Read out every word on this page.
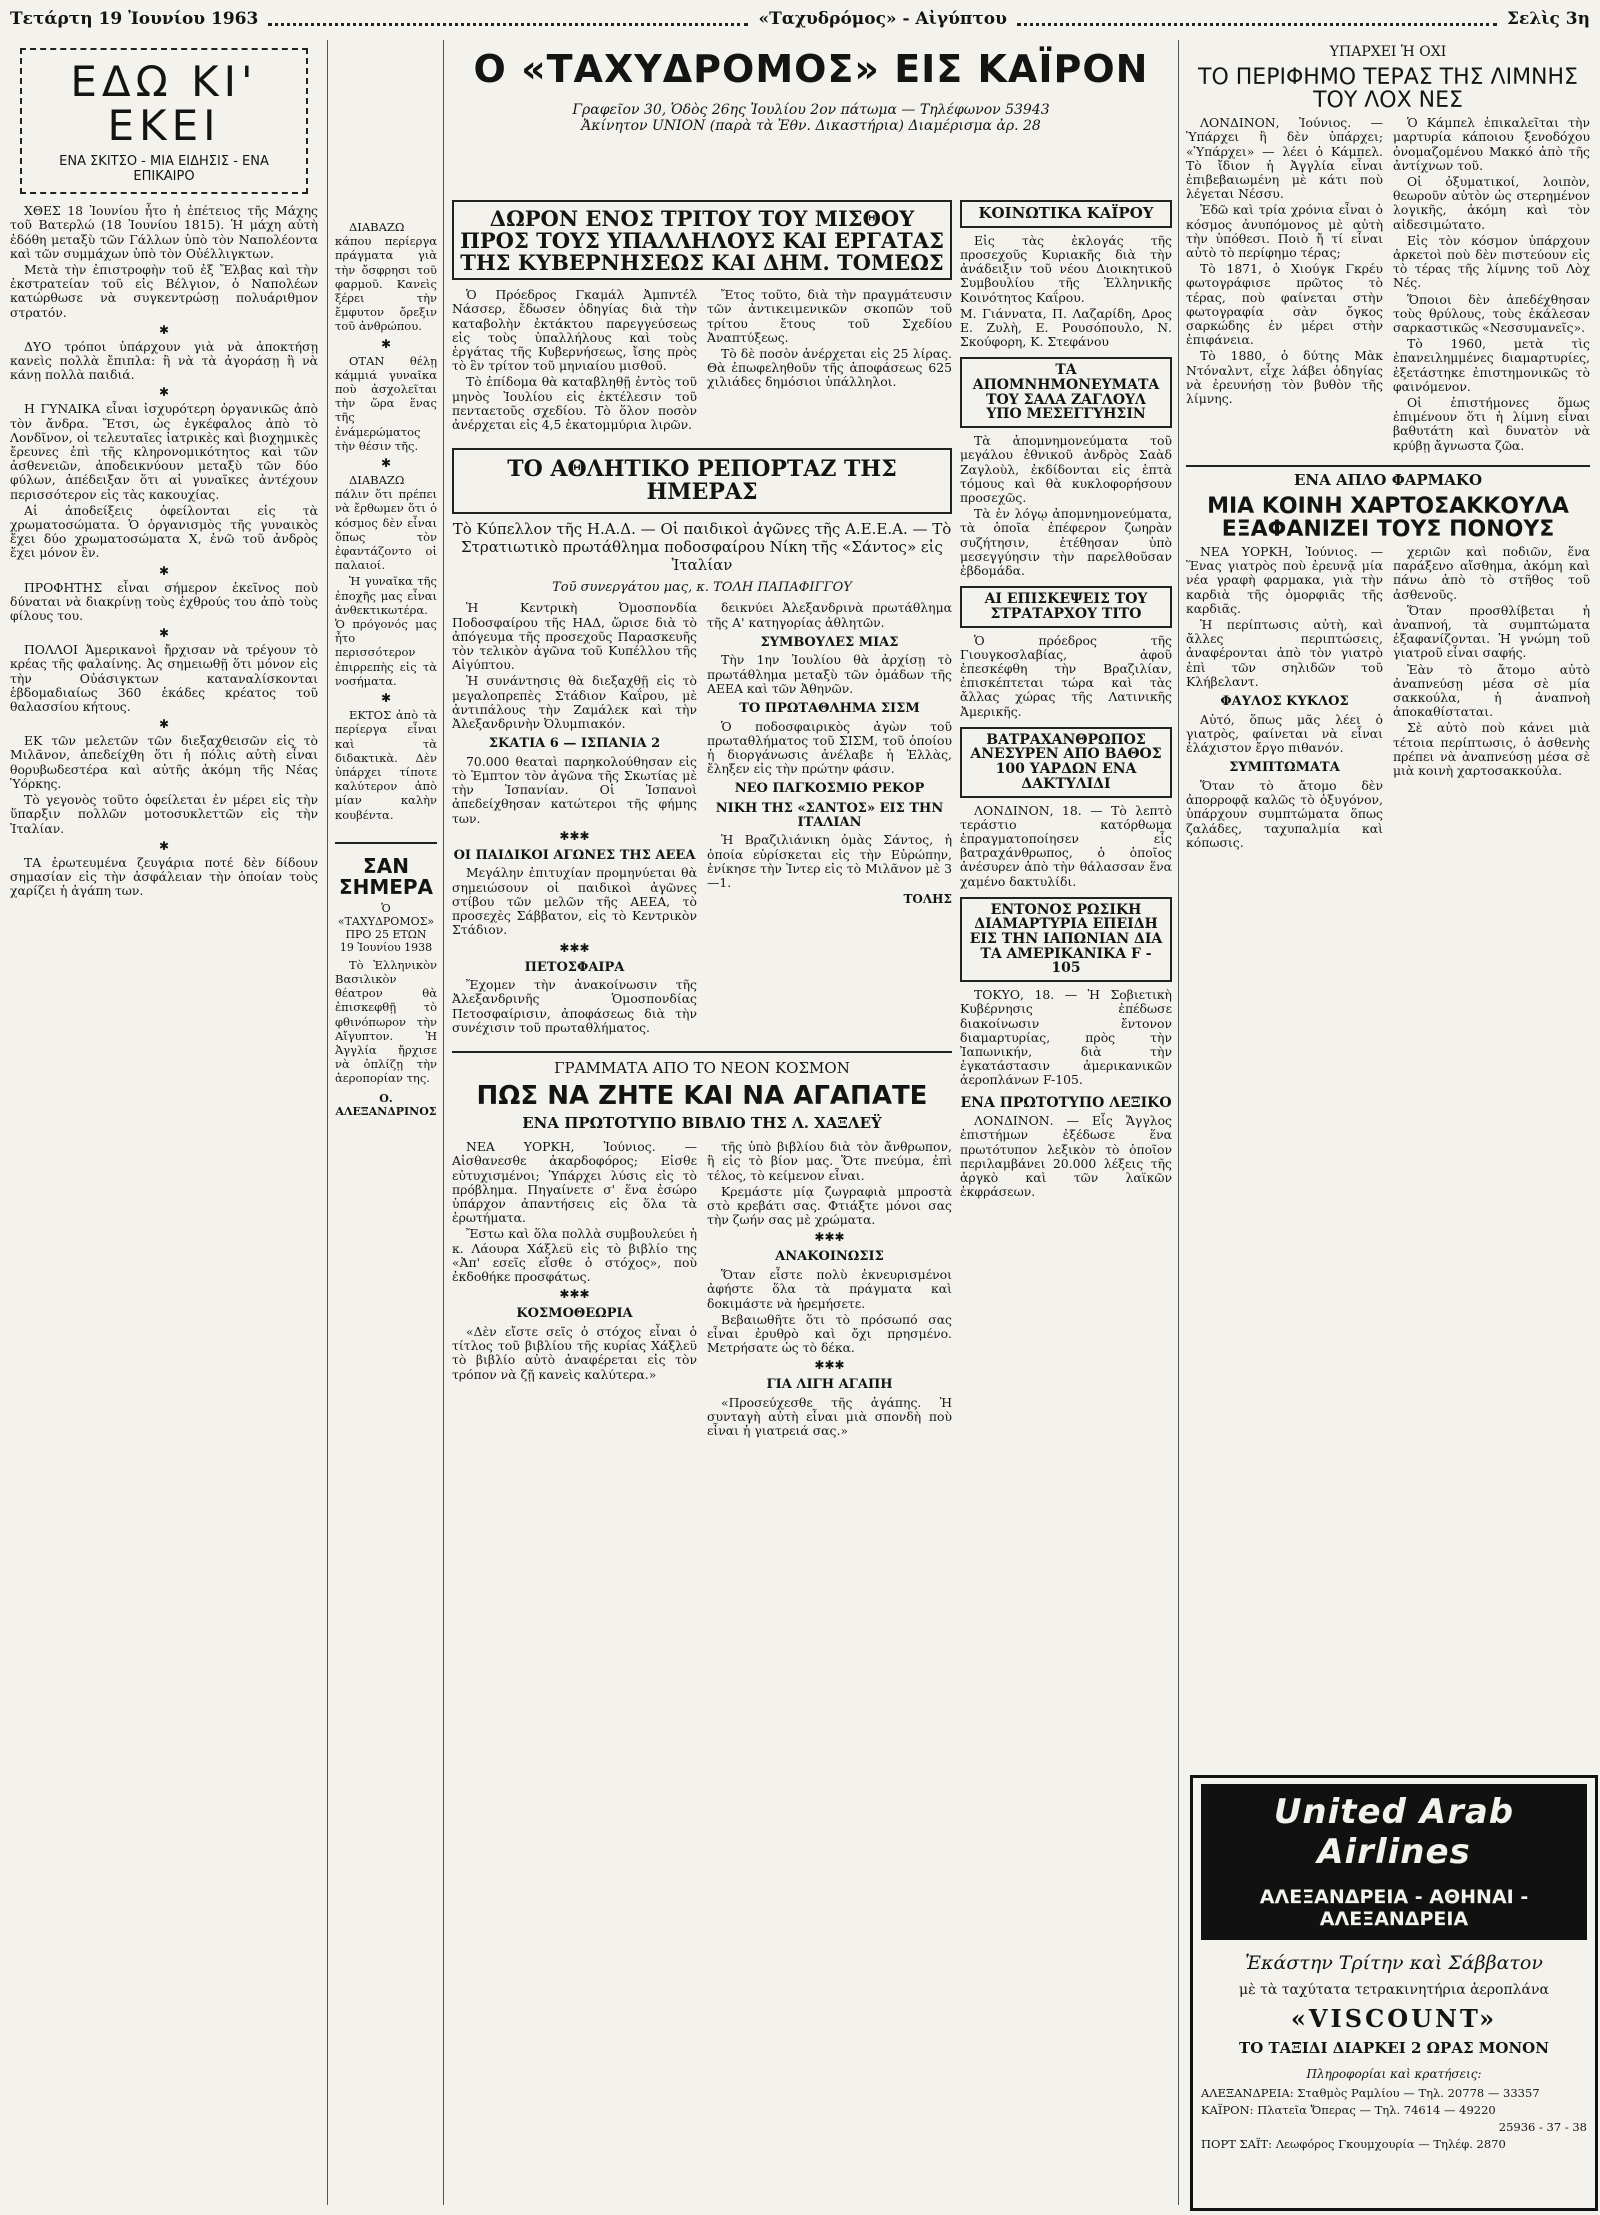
Τετάρτη 19 Ἰουνίου 1963	«Ταχυδρόμος» - Αἰγύπτου	Σελὶς 3η
ΕΔΩ ΚΙ' ΕΚΕΙ
ΕΝΑ ΣΚΙΤΣΟ - ΜΙΑ ΕΙΔΗΣΙΣ - ΕΝΑ ΕΠΙΚΑΙΡΟ

ΧΘΕΣ 18 Ἰουνίου ἦτο ἡ ἐπέτειος τῆς Μάχης τοῦ Βατερλώ (18 Ἰουνίου 1815). Ἡ μάχη αὐτὴ ἐδόθη μεταξὺ τῶν Γάλλων ὑπὸ τὸν Ναπολέοντα καὶ τῶν συμμάχων ὑπὸ τὸν Οὐέλλιγκτων.

Μετὰ τὴν ἐπιστροφὴν τοῦ ἐξ Ἔλβας καὶ τὴν ἐκστρατείαν τοῦ εἰς Βέλγιον, ὁ Ναπολέων κατώρθωσε νὰ συγκεντρώσῃ πολυάριθμον στρατόν.

✱

ΔΥΟ τρόποι ὑπάρχουν γιὰ νὰ ἀποκτήσῃ κανεὶς πολλὰ ἔπιπλα: ἢ νὰ τὰ ἀγοράσῃ ἢ νὰ κάνῃ πολλὰ παιδιά.

✱

Η ΓΥΝΑΙΚΑ εἶναι ἰσχυρότερη ὀργανικῶς ἀπὸ τὸν ἄνδρα. Ἔτσι, ὡς ἐγκέφαλος ἀπὸ τὸ Λονδῖνον, οἱ τελευταῖες ἰατρικὲς καὶ βιοχημικὲς ἔρευνες ἐπὶ τῆς κληρονομικότητος καὶ τῶν ἀσθενειῶν, ἀποδεικνύουν μεταξὺ τῶν δύο φύλων, ἀπέδειξαν ὅτι αἱ γυναῖκες ἀντέχουν περισσότερον εἰς τὰς κακουχίας.

Αἱ ἀποδείξεις ὁφείλονται εἰς τὰ χρωματοσώματα. Ὁ ὀργανισμὸς τῆς γυναικὸς ἔχει δύο χρωματοσώματα Χ, ἐνῶ τοῦ ἀνδρὸς ἔχει μόνον ἓν.

✱

ΠΡΟΦΗΤΗΣ εἶναι σήμερον ἐκεῖνος ποὺ δύναται νὰ διακρίνῃ τοὺς ἐχθρούς του ἀπὸ τοὺς φίλους του.

✱

ΠΟΛΛΟΙ Ἀμερικανοὶ ἤρχισαν νὰ τρέγουν τὸ κρέας τῆς φαλαίνης. Ἀς σημειωθῇ ὅτι μόνον εἰς τὴν Οὐάσιγκτων καταναλίσκονται ἑβδομαδιαίως 360 ἑκάδες κρέατος τοῦ θαλασσίου κήτους.

✱

ΕΚ τῶν μελετῶν τῶν διεξαχθεισῶν εἰς τὸ Μιλᾶνον, ἀπεδείχθη ὅτι ἡ πόλις αὐτὴ εἶναι θορυβωδεστέρα καὶ αὐτῆς ἀκόμη τῆς Νέας Ὑόρκης.

Τὸ γεγονὸς τοῦτο ὁφείλεται ἐν μέρει εἰς τὴν ὕπαρξιν πολλῶν μοτοσυκλεττῶν εἰς τὴν Ἰταλίαν.

✱

ΤΑ ἐρωτευμένα ζευγάρια ποτέ δὲν δίδουν σημασίαν εἰς τὴν ἀσφάλειαν τὴν ὁποίαν τοὺς χαρίζει ἡ ἀγάπη των.

ΔΙΑΒΑΖΩ κάπου περίεργα πράγματα γιὰ τὴν ὄσφρησι τοῦ φαρμοῦ. Κανεὶς ξέρει τὴν ἔμφυτον ὄρεξιν τοῦ ἀνθρώπου.

✱

ΟΤΑΝ θέλῃ κάμμιά γυναῖκα ποὺ ἀσχολεῖται τὴν ὥρα ἕνας τῆς ἐνάμερώματος τὴν θέσιν τῆς.

✱

ΔΙΑΒΑΖΩ πάλιν ὅτι πρέπει νὰ ἔρθωμεν ὅτι ὁ κόσμος δὲν εἶναι ὅπως τὸν ἐφαντάζοντο οἱ παλαιοί.

Ἡ γυναῖκα τῆς ἐποχῆς μας εἶναι ἀνθεκτικωτέρα. Ὁ πρόγονός μας ἦτο περισσότερον ἐπιρρεπὴς εἰς τὰ νοσήματα.

✱

ΕΚΤΟΣ ἀπὸ τὰ περίεργα εἶναι καὶ τὰ διδακτικὰ. Δὲν ὑπάρχει τίποτε καλύτερον ἀπὸ μίαν καλὴν κουβέντα.

ΣΑΝ ΣΗΜΕΡΑ
Ὁ «ΤΑΧΥΔΡΟΜΟΣ» ΠΡΟ 25 ΕΤΩΝ
19 Ἰουνίου 1938

Τὸ Ἑλληνικὸν Βασιλικὸν θέατρον θὰ ἐπισκεφθῇ τὸ φθινόπωρον τὴν Αἴγυπτον. Ἡ Ἀγγλία ἤρχισε νὰ ὁπλίζῃ τὴν ἀεροπορίαν της.

Ο. ΑΛΕΞΑΝΔΡΙΝΟΣ
Ο «ΤΑΧΥΔΡΟΜΟΣ» ΕΙΣ ΚΑΪΡΟΝ
Γραφεῖον 30, Ὁδὸς 26ης Ἰουλίου 2ον πάτωμα — Τηλέφωνον 53943
Ἀκίνητον UNION (παρὰ τὰ Ἐθν. Δικαστήρια) Διαμέρισμα ἀρ. 28
ΔΩΡΟΝ ΕΝΟΣ ΤΡΙΤΟΥ ΤΟΥ ΜΙΣΘΟΥ ΠΡΟΣ ΤΟΥΣ ΥΠΑΛΛΗΛΟΥΣ ΚΑΙ ΕΡΓΑΤΑΣ ΤΗΣ ΚΥΒΕΡΝΗΣΕΩΣ ΚΑΙ ΔΗΜ. ΤΟΜΕΩΣ

Ὁ Πρόεδρος Γκαμάλ Ἀμπντέλ Νάσσερ, ἔδωσεν ὁδηγίας διὰ τὴν καταβολὴν ἐκτάκτου παρεγγεύσεως εἰς τοὺς ὑπαλλήλους καὶ τοὺς ἐργάτας τῆς Κυβερνήσεως, ἴσης πρὸς τὸ ἓν τρίτον τοῦ μηνιαίου μισθοῦ.

Τὸ ἐπίδομα θὰ καταβληθῇ ἐντὸς τοῦ μηνὸς Ἰουλίου εἰς ἐκτέλεσιν τοῦ πενταετοῦς σχεδίου. Τὸ ὅλον ποσὸν ἀνέρχεται εἰς 4,5 ἑκατομμύρια λιρῶν.

Ἔτος τοῦτο, διὰ τὴν πραγμάτευσιν τῶν ἀντικειμενικῶν σκοπῶν τοῦ τρίτου ἔτους τοῦ Σχεδίου Ἀναπτύξεως.

Τὸ δὲ ποσὸν ἀνέρχεται εἰς 25 λίρας. Θὰ ἐπωφεληθοῦν τῆς ἀποφάσεως 625 χιλιάδες δημόσιοι ὑπάλληλοι.

ΤΟ ΑΘΛΗΤΙΚΟ ΡΕΠΟΡΤΑΖ ΤΗΣ ΗΜΕΡΑΣ
Τὸ Κύπελλον τῆς Η.Α.Δ. — Οἱ παιδικοὶ ἀγῶνες τῆς Α.Ε.Ε.Α. — Τὸ Στρατιωτικὸ πρωτάθλημα ποδοσφαίρου Νίκη τῆς «Σάντος» εἰς Ἰταλίαν
Τοῦ συνεργάτου μας, κ. ΤΟΛΗ ΠΑΠΑΦΙΓΓΟΥ

Ἡ Κεντρικὴ Ὀμοσπονδία Ποδοσφαίρου τῆς ΗΑΔ, ὥρισε διὰ τὸ ἀπόγευμα τῆς προσεχοῦς Παρασκευῆς τὸν τελικὸν ἀγῶνα τοῦ Κυπέλλου τῆς Αἰγύπτου.

Ἡ συνάντησις θὰ διεξαχθῇ εἰς τὸ μεγαλοπρεπὲς Στάδιον Καΐρου, μὲ ἀντιπάλους τὴν Ζαμάλεκ καὶ τὴν Ἀλεξανδρινὴν Ὀλυμπιακόν.

ΣΚΑΤΙΑ 6 — ΙΣΠΑΝΙΑ 2

70.000 θεαταὶ παρηκολούθησαν εἰς τὸ Ἑμπτον τὸν ἀγῶνα τῆς Σκωτίας μὲ τὴν Ἱσπανίαν. Οἱ Ἱσπανοὶ ἀπεδείχθησαν κατώτεροι τῆς φήμης των.

✱✱✱
ΟΙ ΠΑΙΔΙΚΟΙ ΑΓΩΝΕΣ ΤΗΣ ΑΕΕΑ

Μεγάλην ἐπιτυχίαν προμηνύεται θὰ σημειώσουν οἱ παιδικοὶ ἀγῶνες στίβου τῶν μελῶν τῆς ΑΕΕΑ, τὸ προσεχὲς Σάββατον, εἰς τὸ Κεντρικὸν Στάδιον.

✱✱✱
ΠΕΤΟΣΦΑΙΡΑ

Ἔχομεν τὴν ἀνακοίνωσιν τῆς Ἀλεξανδρινῆς Ὁμοσπονδίας Πετοσφαίρισιν, ἀποφάσεως διὰ τὴν συνέχισιν τοῦ πρωταθλήματος.

δεικνύει Ἀλεξανδρινὰ πρωτάθλημα τῆς Α' κατηγορίας ἀθλητῶν.

ΣΥΜΒΟΥΛΕΣ ΜΙΑΣ

Τὴν 1ην Ἰουλίου θὰ ἀρχίσῃ τὸ πρωτάθλημα μεταξὺ τῶν ὁμάδων τῆς ΑΕΕΑ καὶ τῶν Ἀθηνῶν.

ΤΟ ΠΡΩΤΑΘΛΗΜΑ ΣΙΣΜ

Ὁ ποδοσφαιρικὸς ἀγὼν τοῦ πρωταθλήματος τοῦ ΣΙΣΜ, τοῦ ὁποίου ἡ διοργάνωσις ἀνέλαβε ἡ Ἑλλὰς, ἔληξεν εἰς τὴν πρώτην φάσιν.

ΝΕΟ ΠΑΓΚΟΣΜΙΟ ΡΕΚΟΡ
ΝΙΚΗ ΤΗΣ «ΣΑΝΤΟΣ» ΕΙΣ ΤΗΝ ΙΤΑΛΙΑΝ

Ἡ Βραζιλιάνικη ὁμὰς Σάντος, ἡ ὁποία εὑρίσκεται εἰς τὴν Εὐρώπην, ἐνίκησε τὴν Ἰντερ εἰς τὸ Μιλᾶνον μὲ 3—1.

ΤΟΛΗΣ
ΓΡΑΜΜΑΤΑ ΑΠΟ ΤΟ ΝΕΟΝ ΚΟΣΜΟΝ
ΠΩΣ ΝΑ ΖΗΤΕ ΚΑΙ ΝΑ ΑΓΑΠΑΤΕ
ΕΝΑ ΠΡΩΤΟΤΥΠΟ ΒΙΒΛΙΟ ΤΗΣ Λ. ΧΑΞΛΕΫ

ΝΕΑ ΥΟΡΚΗ, Ἰούνιος. — Αἰσθανεσθε ἀκαρδοφόρος; Εἰσθε εὐτυχισμένοι; Ὑπάρχει λύσις εἰς τὸ πρόβλημα. Πηγαίνετε σ' ἕνα ἐσώρο ὑπάρχον ἀπαντήσεις εἰς ὅλα τὰ ἐρωτήματα.

Ἔστω καὶ ὅλα πολλὰ συμβουλεύει ἡ κ. Λάουρα Χάξλεϋ εἰς τὸ βιβλίο της «Ἀπ' εσεῖς εἴσθε ὁ στόχος», ποὺ ἐκδοθήκε προσφάτως.

✱✱✱
ΚΟΣΜΟΘΕΩΡΙΑ

«Δὲν εἴστε σεῖς ὁ στόχος εἶναι ὁ τίτλος τοῦ βιβλίου τῆς κυρίας Χάξλεϋ τὸ βιβλίο αὐτὸ ἀναφέρεται εἰς τὸν τρόπον νὰ ζῇ κανεὶς καλύτερα.»

τῆς ὑπὸ βιβλίου διὰ τὸν ἄνθρωπον, ἢ εἰς τὸ βίον μας. Ὅτε πνεύμα, ἐπὶ τέλος, τὸ κείμενον εἶναι.

Κρεμάστε μίᾳ ζωγραφιὰ μπροστὰ στὸ κρεβάτι σας. Φτιάξτε μόνοι σας τὴν ζωήν σας μὲ χρώματα.

✱✱✱
ΑΝΑΚΟΙΝΩΣΙΣ

Ὅταν εἶστε πολὺ ἐκνευρισμένοι ἀφήστε ὅλα τὰ πράγματα καὶ δοκιμάστε νὰ ἡρεμήσετε.

Βεβαιωθῆτε ὅτι τὸ πρόσωπό σας εἶναι ἐρυθρὸ καὶ ὄχι πρησμένο. Μετρήσατε ὡς τὸ δέκα.

✱✱✱
ΓΙΑ ΛΙΓΗ ΑΓΑΠΗ

«Προσεύχεσθε τῆς ἀγάπης. Ἡ συνταγὴ αὐτὴ εἶναι μιὰ σπονδὴ ποὺ εἶναι ἡ γιατρειά σας.»

ΚΟΙΝΩΤΙΚΑ ΚΑΪΡΟΥ

Εἰς τὰς ἐκλογάς τῆς προσεχοῦς Κυριακῆς διὰ τὴν ἀνάδειξιν τοῦ νέου Διοικητικοῦ Συμβουλίου τῆς Ἑλληνικῆς Κοινότητος Καΐρου.

Μ. Γιάννατα, Π. Λαζαρίδη, Δρος Ε. Ζυλὴ, Ε. Ρουσόπουλο, Ν. Σκούφορη, Κ. Στεφάνου

ΤΑ ΑΠΟΜΝΗΜΟΝΕΥΜΑΤΑ ΤΟΥ ΣΑΛΑ ΖΑΓΛΟΥΛ ΥΠΟ ΜΕΣΕΓΓΥΗΣΙΝ

Τὰ ἀπομνημονεύματα τοῦ μεγάλου ἐθνικοῦ ἀνδρὸς Σαὰδ Ζαγλοὺλ, ἐκδίδονται εἰς ἑπτὰ τόμους καὶ θὰ κυκλοφορήσουν προσεχῶς.

Τὰ ἐν λόγῳ ἀπομνημονεύματα, τὰ ὁποῖα ἐπέφερον ζωηρὰν συζήτησιν, ἐτέθησαν ὑπὸ μεσεγγύησιν τὴν παρελθοῦσαν ἑβδομάδα.

ΑΙ ΕΠΙΣΚΕΨΕΙΣ ΤΟΥ ΣΤΡΑΤΑΡΧΟΥ ΤΙΤΟ

Ὁ πρόεδρος τῆς Γιουγκοσλαβίας, ἀφοῦ ἐπεσκέφθη τὴν Βραζιλίαν, ἐπισκέπτεται τώρα καὶ τὰς ἄλλας χώρας τῆς Λατινικῆς Ἀμερικῆς.

ΒΑΤΡΑΧΑΝΘΡΩΠΟΣ ΑΝΕΣΥΡΕΝ ΑΠΟ ΒΑΘΟΣ 100 ΥΑΡΔΩΝ ΕΝΑ ΔΑΚΤΥΛΙΔΙ

ΛΟΝΔΙΝΟΝ, 18. — Τὸ λεπτὸ τεράστιο κατόρθωμα ἐπραγματοποίησεν εἷς βατραχάνθρωπος, ὁ ὁποῖος ἀνέσυρεν ἀπὸ τὴν θάλασσαν ἕνα χαμένο δακτυλίδι.

ΕΝΤΟΝΟΣ ΡΩΣΙΚΗ ΔΙΑΜΑΡΤΥΡΙΑ ΕΠΕΙΔΗ ΕΙΣ ΤΗΝ ΙΑΠΩΝΙΑΝ ΔΙΑ ΤΑ ΑΜΕΡΙΚΑΝΙΚΑ F - 105

ΤΟΚΥΟ, 18. — Ἡ Σοβιετικὴ Κυβέρνησις ἐπέδωσε διακοίνωσιν ἔντονον διαμαρτυρίας, πρὸς τὴν Ἰαπωνικήν, διὰ τὴν ἐγκατάστασιν ἀμερικανικῶν ἀεροπλάνων F-105.

ΕΝΑ ΠΡΩΤΟΤΥΠΟ ΛΕΞΙΚΟ

ΛΟΝΔΙΝΟΝ. — Εἷς Ἄγγλος ἐπιστήμων ἐξέδωσε ἕνα πρωτότυπον λεξικὸν τὸ ὁποῖον περιλαμβάνει 20.000 λέξεις τῆς ἀργκὸ καὶ τῶν λαϊκῶν ἐκφράσεων.

ΥΠΑΡΧΕΙ Ἡ ΟΧΙ
ΤΟ ΠΕΡΙΦΗΜΟ ΤΕΡΑΣ ΤΗΣ ΛΙΜΝΗΣ ΤΟΥ ΛΟΧ ΝΕΣ

ΛΟΝΔΙΝΟΝ, Ἰούνιος. — Ὑπάρχει ἢ δὲν ὑπάρχει; «Ὑπάρχει» — λέει ὁ Κάμπελ. Τὸ ἴδιον ἡ Ἀγγλία εἶναι ἐπιβεβαιωμένη μὲ κάτι ποὺ λέγεται Νέσσυ.

Ἐδῶ καὶ τρία χρόνια εἶναι ὁ κόσμος ἀνυπόμονος μὲ αὐτὴ τὴν ὑπόθεσι. Ποιὸ ἤ τί εἶναι αὐτὸ τὸ περίφημο τέρας;

Τὸ 1871, ὁ Χιούγκ Γκρέυ φωτογράφισε πρῶτος τὸ τέρας, ποὺ φαίνεται στὴν φωτογραφία σὰν ὄγκος σαρκώδης ἐν μέρει στὴν ἐπιφάνεια.

Τὸ 1880, ὁ δύτης Μὰκ Ντόναλντ, εἶχε λάβει ὁδηγίας νὰ ἐρευνήσῃ τὸν βυθὸν τῆς λίμνης.

Ὁ Κάμπελ ἐπικαλεῖται τὴν μαρτυρία κάποιου ξενοδόχου ὀνομαζομένου Μακκό ἀπὸ τῆς ἀντίχνων τοῦ.

Οἱ ὀξυματικοί, λοιπὸν, θεωροῦν αὐτὸν ὡς στερημένον λογικῆς, ἀκόμη καὶ τὸν αἰδεσιμώτατο.

Εἰς τὸν κόσμον ὑπάρχουν ἀρκετοὶ ποὺ δὲν πιστεύουν εἰς τὸ τέρας τῆς λίμνης τοῦ Λὸχ Νές.

Ὅποιοι δὲν ἀπεδέχθησαν τοὺς θρύλους, τοὺς ἐκάλεσαν σαρκαστικῶς «Νεσσυμανεῖς».

Τὸ 1960, μετὰ τὶς ἐπανειλημμένες διαμαρτυρίες, ἐξετάστηκε ἐπιστημονικῶς τὸ φαινόμενον.

Οἱ ἐπιστήμονες ὅμως ἐπιμένουν ὅτι ἡ λίμνη εἶναι βαθυτάτη καὶ δυνατὸν νὰ κρύβῃ ἄγνωστα ζῶα.

ΕΝΑ ΑΠΛΟ ΦΑΡΜΑΚΟ
ΜΙΑ ΚΟΙΝΗ ΧΑΡΤΟΣΑΚΚΟΥΛΑ ΕΞΑΦΑΝΙΖΕΙ ΤΟΥΣ ΠΟΝΟΥΣ

ΝΕΑ ΥΟΡΚΗ, Ἰούνιος. — Ἕνας γιατρὸς ποὺ ἐρευνᾷ μία νέα γραφὴ φαρμακα, γιὰ τὴν καρδιὰ τῆς ὁμορφιᾶς τῆς καρδιᾶς.

Ἡ περίπτωσις αὐτὴ, καὶ ἄλλες περιπτώσεις, ἀναφέρονται ἀπὸ τὸν γιατρὸ ἐπὶ τῶν σηλιδῶν τοῦ Κλήβελαντ.

ΦΑΥΛΟΣ ΚΥΚΛΟΣ

Αὐτό, ὅπως μᾶς λέει ὁ γιατρὸς, φαίνεται νὰ εἶναι ἐλάχιστον ἔργο πιθανόν.

ΣΥΜΠΤΩΜΑΤΑ

Ὅταν τὸ ἄτομο δὲν ἀπορροφᾷ καλῶς τὸ ὀξυγόνον, ὑπάρχουν συμπτώματα ὅπως ζαλάδες, ταχυπαλμία καὶ κόπωσις.

χεριῶν καὶ ποδιῶν, ἕνα παράξενο αἴσθημα, ἀκόμη καὶ πάνω ἀπὸ τὸ στῆθος τοῦ ἀσθενοῦς.

Ὅταν προσθλίβεται ἡ ἀναπνοή, τὰ συμπτώματα ἐξαφανίζονται. Ἡ γνώμη τοῦ γιατροῦ εἶναι σαφής.

Ἐὰν τὸ ἄτομο αὐτὸ ἀναπνεύσῃ μέσα σὲ μία σακκούλα, ἡ ἀναπνοὴ ἀποκαθίσταται.

Σὲ αὐτὸ ποὺ κάνει μιὰ τέτοια περίπτωσις, ὁ ἀσθενὴς πρέπει νὰ ἀναπνεύσῃ μέσα σὲ μιὰ κοινὴ χαρτοσακκούλα.

United Arab Airlines
ΑΛΕΞΑΝΔΡΕΙΑ - ΑΘΗΝΑΙ - ΑΛΕΞΑΝΔΡΕΙΑ
Ἑκάστην Τρίτην καὶ Σάββατον
μὲ τὰ ταχύτατα τετρακινητήρια ἀεροπλάνα
«VISCOUNT»
ΤΟ ΤΑΞΙΔΙ ΔΙΑΡΚΕΙ 2 ΩΡΑΣ ΜΟΝΟΝ
Πληροφορίαι καὶ κρατήσεις:
ΑΛΕΞΑΝΔΡΕΙΑ: Σταθμὸς Ραμλίου — Τηλ. 20778 — 33357
ΚΑΪΡΟΝ: Πλατεῖα Ὄπερας — Τηλ. 74614 — 49220
25936 - 37 - 38
ΠΟΡΤ ΣΑΪΤ: Λεωφόρος Γκουμχουρία — Τηλέφ. 2870
